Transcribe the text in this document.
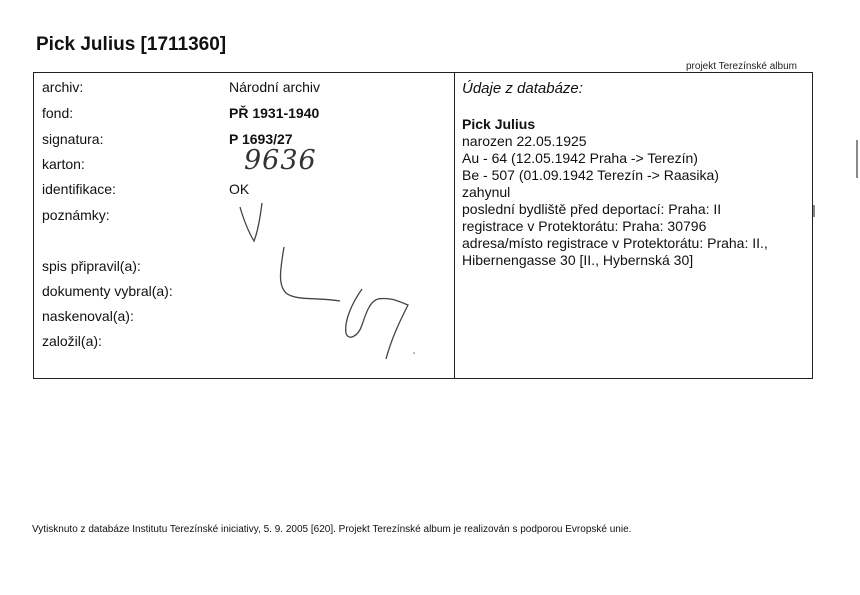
Pick Julius [1711360]
projekt Terezínské album
archiv:	Národní archiv
fond:	PŘ 1931-1940
signatura:	P 1693/27
karton:	9636
identifikace:	OK
poznámky:
spis připravil(a):
dokumenty vybral(a):
naskenoval(a):
založil(a):
Údaje z databáze:
Pick Julius
narozen 22.05.1925
Au - 64 (12.05.1942 Praha -> Terezín)
Be - 507 (01.09.1942 Terezín -> Raasika)
zahynul
poslední bydliště před deportací: Praha: II
registrace v Protektorátu: Praha: 30796
adresa/místo registrace v Protektorátu: Praha: II.,
Hibernengasse 30 [II., Hybernská 30]
Vytisknuto z databáze Institutu Terezínské iniciativy, 5. 9. 2005 [620]. Projekt Terezínské album je realizován s podporou Evropské unie.
